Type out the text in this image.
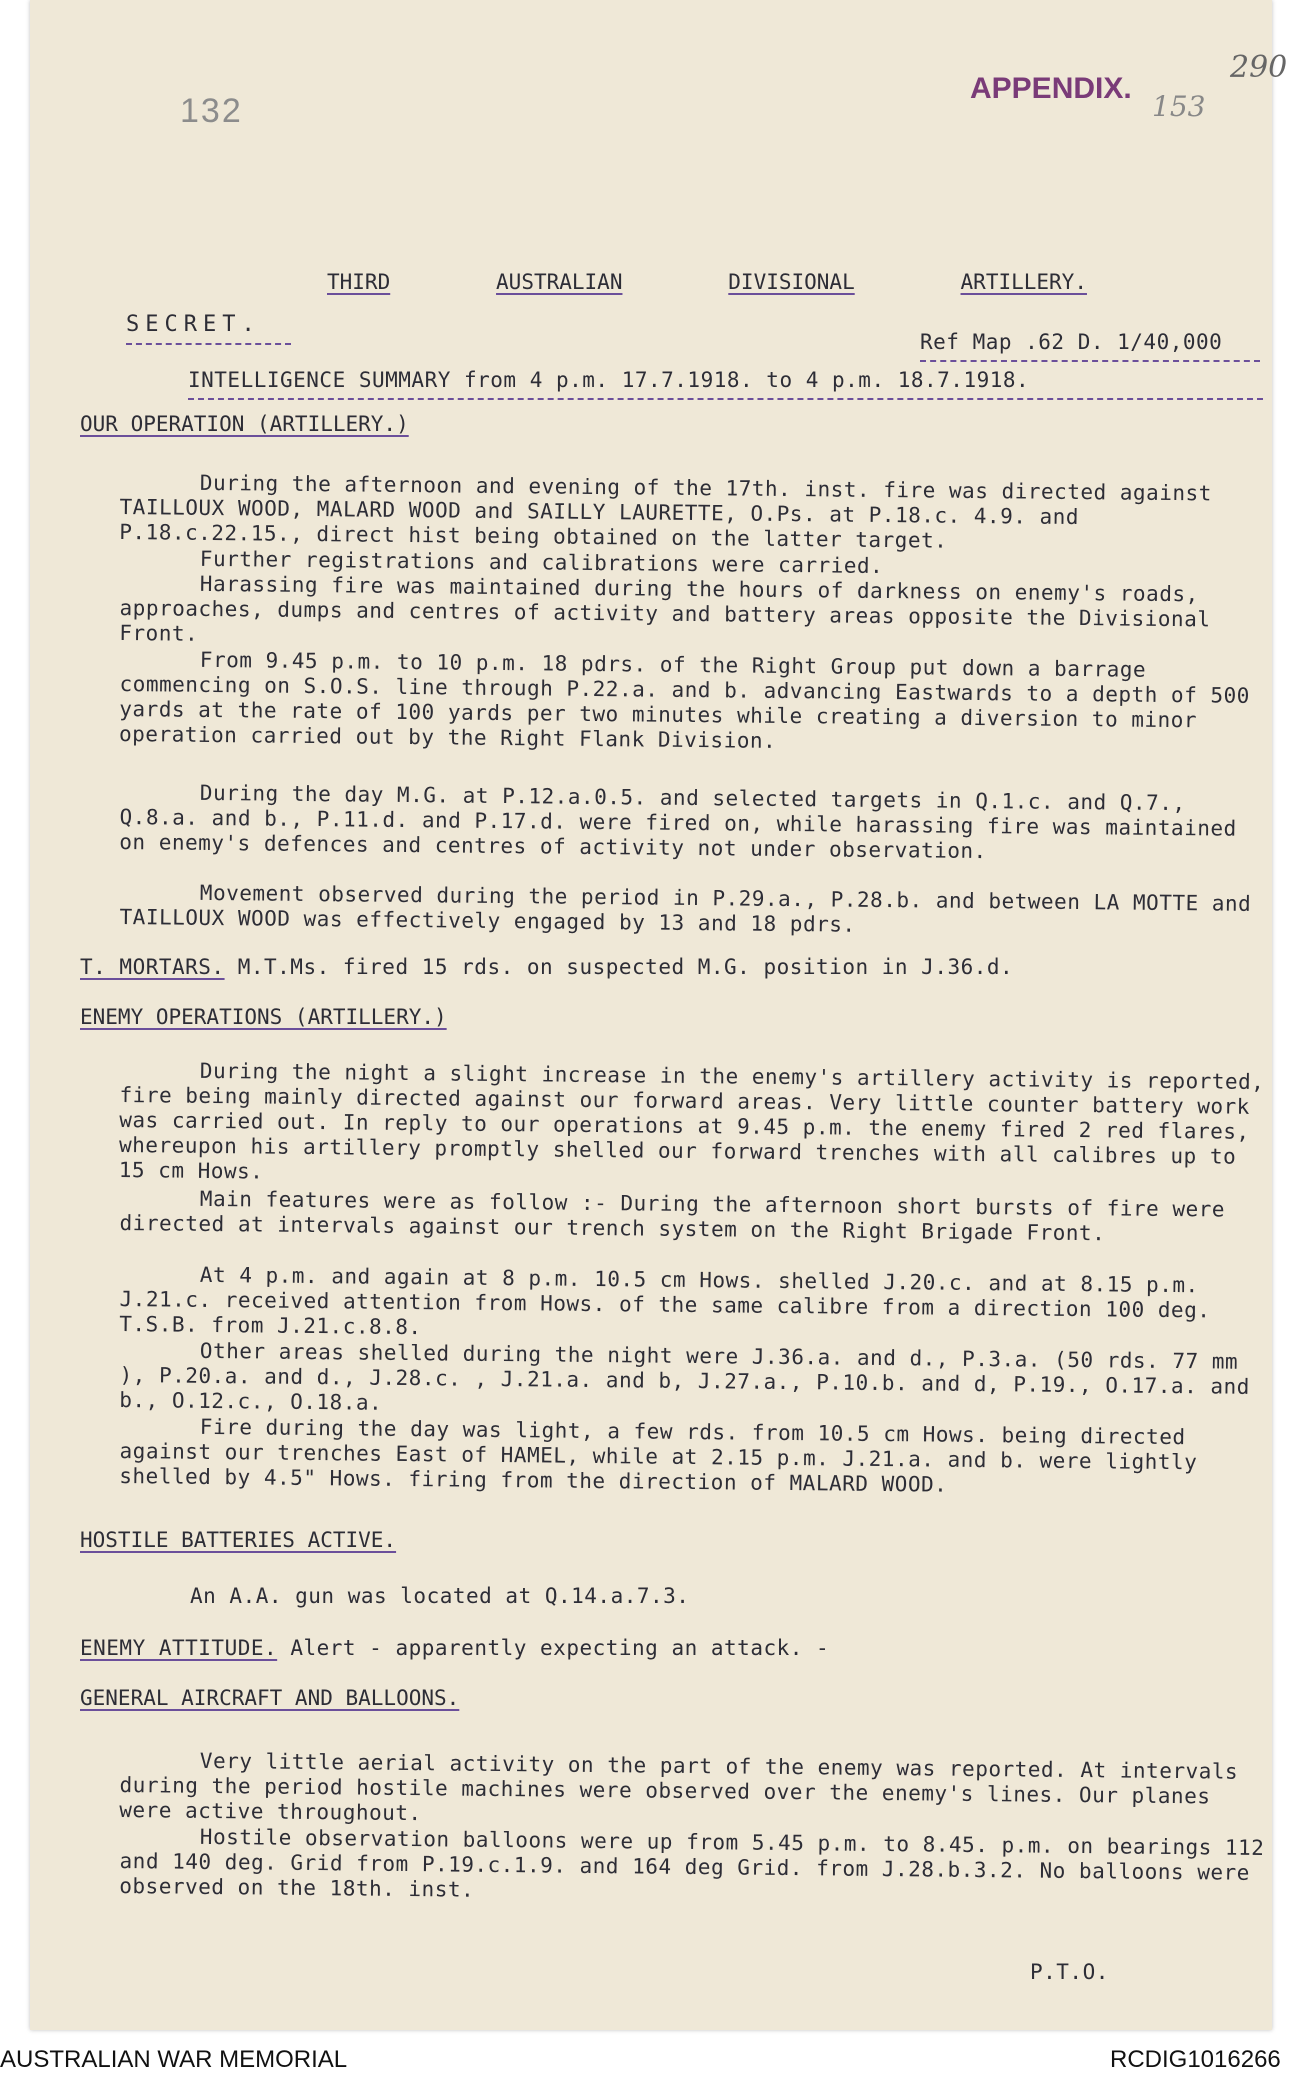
132
APPENDIX.
290
153
THIRD	AUSTRALIAN	DIVISIONAL	ARTILLERY.
SECRET.
Ref Map .62 D. 1/40,000
INTELLIGENCE SUMMARY from 4 p.m. 17.7.1918. to 4 p.m. 18.7.1918.
OUR OPERATION (ARTILLERY.)

During the afternoon and evening of the 17th. inst. fire was directed against TAILLOUX WOOD, MALARD WOOD and SAILLY LAURETTE, O.Ps. at P.18.c. 4.9. and P.18.c.22.15., direct hist being obtained on the latter target.

Further registrations and calibrations were carried.

Harassing fire was maintained during the hours of darkness on enemy's roads, approaches, dumps and centres of activity and battery areas opposite the Divisional Front.

From 9.45 p.m. to 10 p.m. 18 pdrs. of the Right Group put down a barrage commencing on S.O.S. line through P.22.a. and b. advancing Eastwards to a depth of 500 yards at the rate of 100 yards per two minutes while creating a diversion to minor operation carried out by the Right Flank Division.

During the day M.G. at P.12.a.0.5. and selected targets in Q.1.c. and Q.7., Q.8.a. and b., P.11.d. and P.17.d. were fired on, while harassing fire was maintained on enemy's defences and centres of activity not under observation.

Movement observed during the period in P.29.a., P.28.b. and between LA MOTTE and TAILLOUX WOOD was effectively engaged by 13 and 18 pdrs.

T. MORTARS. M.T.Ms. fired 15 rds. on suspected M.G. position in J.36.d.
ENEMY OPERATIONS (ARTILLERY.)

During the night a slight increase in the enemy's artillery activity is reported, fire being mainly directed against our forward areas. Very little counter battery work was carried out. In reply to our operations at 9.45 p.m. the enemy fired 2 red flares, whereupon his artillery promptly shelled our forward trenches with all calibres up to 15 cm Hows.

Main features were as follow :- During the afternoon short bursts of fire were directed at intervals against our trench system on the Right Brigade Front.

At 4 p.m. and again at 8 p.m. 10.5 cm Hows. shelled J.20.c. and at 8.15 p.m. J.21.c. received attention from Hows. of the same calibre from a direction 100 deg. T.S.B. from J.21.c.8.8.

Other areas shelled during the night were J.36.a. and d., P.3.a. (50 rds. 77 mm ), P.20.a. and d., J.28.c. , J.21.a. and b, J.27.a., P.10.b. and d, P.19., O.17.a. and b., O.12.c., O.18.a.

Fire during the day was light, a few rds. from 10.5 cm Hows. being directed against our trenches East of HAMEL, while at 2.15 p.m. J.21.a. and b. were lightly shelled by 4.5" Hows. firing from the direction of MALARD WOOD.

HOSTILE BATTERIES ACTIVE.
An A.A. gun was located at Q.14.a.7.3.
ENEMY ATTITUDE. Alert - apparently expecting an attack. -
GENERAL AIRCRAFT AND BALLOONS.

Very little aerial activity on the part of the enemy was reported. At intervals during the period hostile machines were observed over the enemy's lines. Our planes were active throughout.

Hostile observation balloons were up from 5.45 p.m. to 8.45. p.m. on bearings 112 and 140 deg. Grid from P.19.c.1.9. and 164 deg Grid. from J.28.b.3.2. No balloons were observed on the 18th. inst.

P.T.O.
AUSTRALIAN WAR MEMORIAL	RCDIG1016266
